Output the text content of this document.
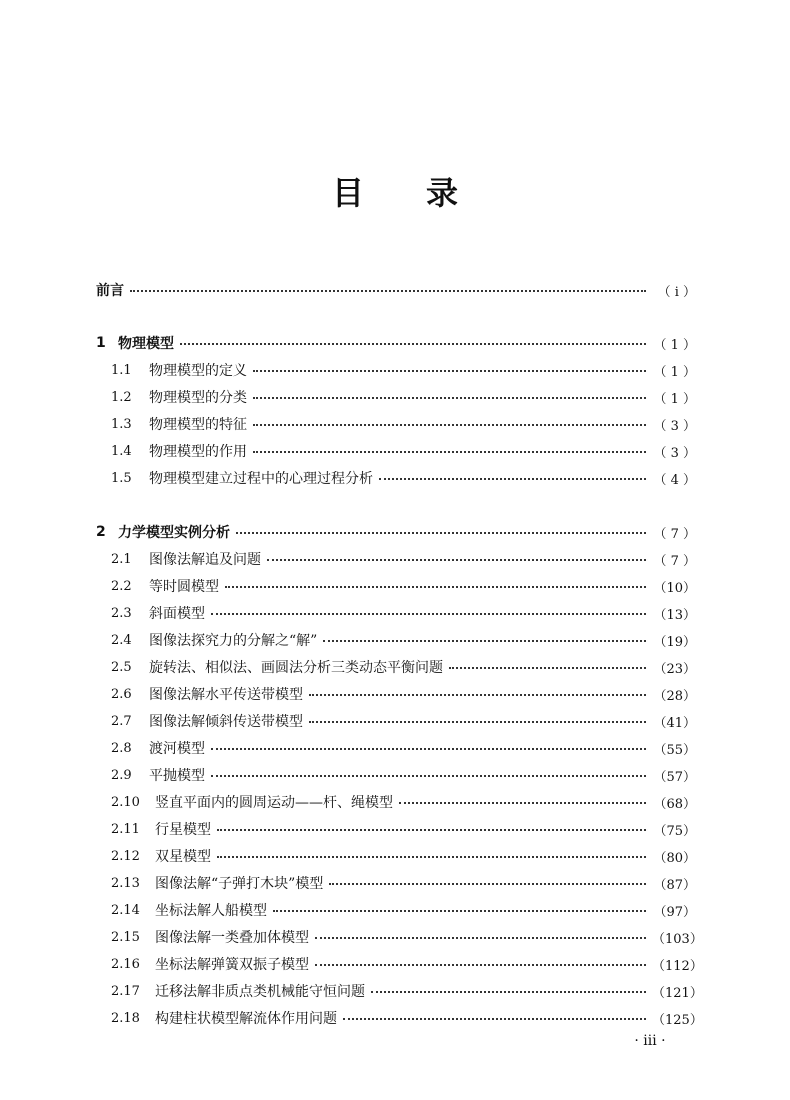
目 录
前言	（ ⅰ ）
1 物理模型	（ 1 ）
1.1	物理模型的定义	（ 1 ）
1.2	物理模型的分类	（ 1 ）
1.3	物理模型的特征	（ 3 ）
1.4	物理模型的作用	（ 3 ）
1.5	物理模型建立过程中的心理过程分析	（ 4 ）
2 力学模型实例分析	（ 7 ）
2.1	图像法解追及问题	（ 7 ）
2.2	等时圆模型	（10）
2.3	斜面模型	（13）
2.4	图像法探究力的分解之“解”	（19）
2.5	旋转法、相似法、画圆法分析三类动态平衡问题	（23）
2.6	图像法解水平传送带模型	（28）
2.7	图像法解倾斜传送带模型	（41）
2.8	渡河模型	（55）
2.9	平抛模型	（57）
2.10	竖直平面内的圆周运动——杆、绳模型	（68）
2.11	行星模型	（75）
2.12	双星模型	（80）
2.13	图像法解“子弹打木块”模型	（87）
2.14	坐标法解人船模型	（97）
2.15	图像法解一类叠加体模型	（103）
2.16	坐标法解弹簧双振子模型	（112）
2.17	迁移法解非质点类机械能守恒问题	（121）
2.18	构建柱状模型解流体作用问题	（125）
· ⅲ ·
